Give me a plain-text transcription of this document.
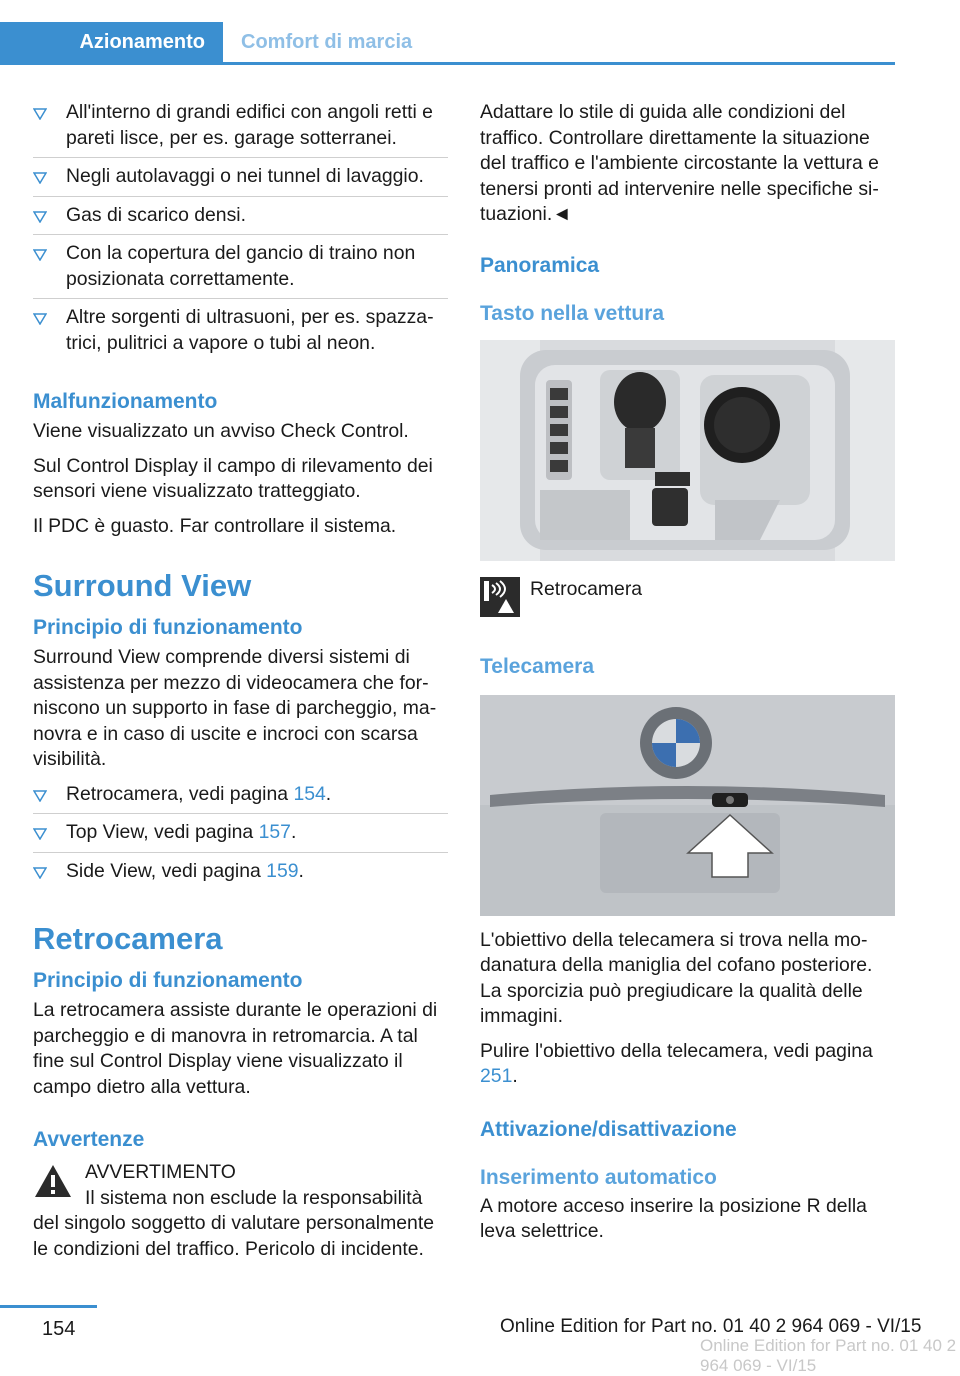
Azionamento	Comfort di marcia
All'interno di grandi edifici con angoli retti e pareti lisce, per es. garage sotterranei.
Negli autolavaggi o nei tunnel di lavaggio.
Gas di scarico densi.
Con la copertura del gancio di traino non posizionata correttamente.
Altre sorgenti di ultrasuoni, per es. spazzatrici, pulitrici a vapore o tubi al neon.
Malfunzionamento

Viene visualizzato un avviso Check Control.

Sul Control Display il campo di rilevamento dei sensori viene visualizzato tratteggiato.

Il PDC è guasto. Far controllare il sistema.

Surround View
Principio di funzionamento

Surround View comprende diversi sistemi di assistenza per mezzo di videocamera che forniscono un supporto in fase di parcheggio, manovra e in caso di uscite e incroci con scarsa visibilità.

Retrocamera, vedi pagina 154.
Top View, vedi pagina 157.
Side View, vedi pagina 159.
Retrocamera
Principio di funzionamento

La retrocamera assiste durante le operazioni di parcheggio e di manovra in retromarcia. A tal fine sul Control Display viene visualizzato il campo dietro alla vettura.

Avvertenze

AVVERTIMENTO

Il sistema non esclude la responsabilità del singolo soggetto di valutare personalmente le condizioni del traffico. Pericolo di incidente.

Adattare lo stile di guida alle condizioni del traffico. Controllare direttamente la situazione del traffico e l'ambiente circostante la vettura e tenersi pronti ad intervenire nelle specifiche situazioni.◄

Panoramica
Tasto nella vettura

Retrocamera

Telecamera

L'obiettivo della telecamera si trova nella modanatura della maniglia del cofano posteriore. La sporcizia può pregiudicare la qualità delle immagini.

Pulire l'obiettivo della telecamera, vedi pagina 251.

Attivazione/disattivazione
Inserimento automatico

A motore acceso inserire la posizione R della leva selettrice.

154	Online Edition for Part no. 01 40 2 964 069 - VI/15
Online Edition for Part no. 01 40 2 964 069 - VI/15
